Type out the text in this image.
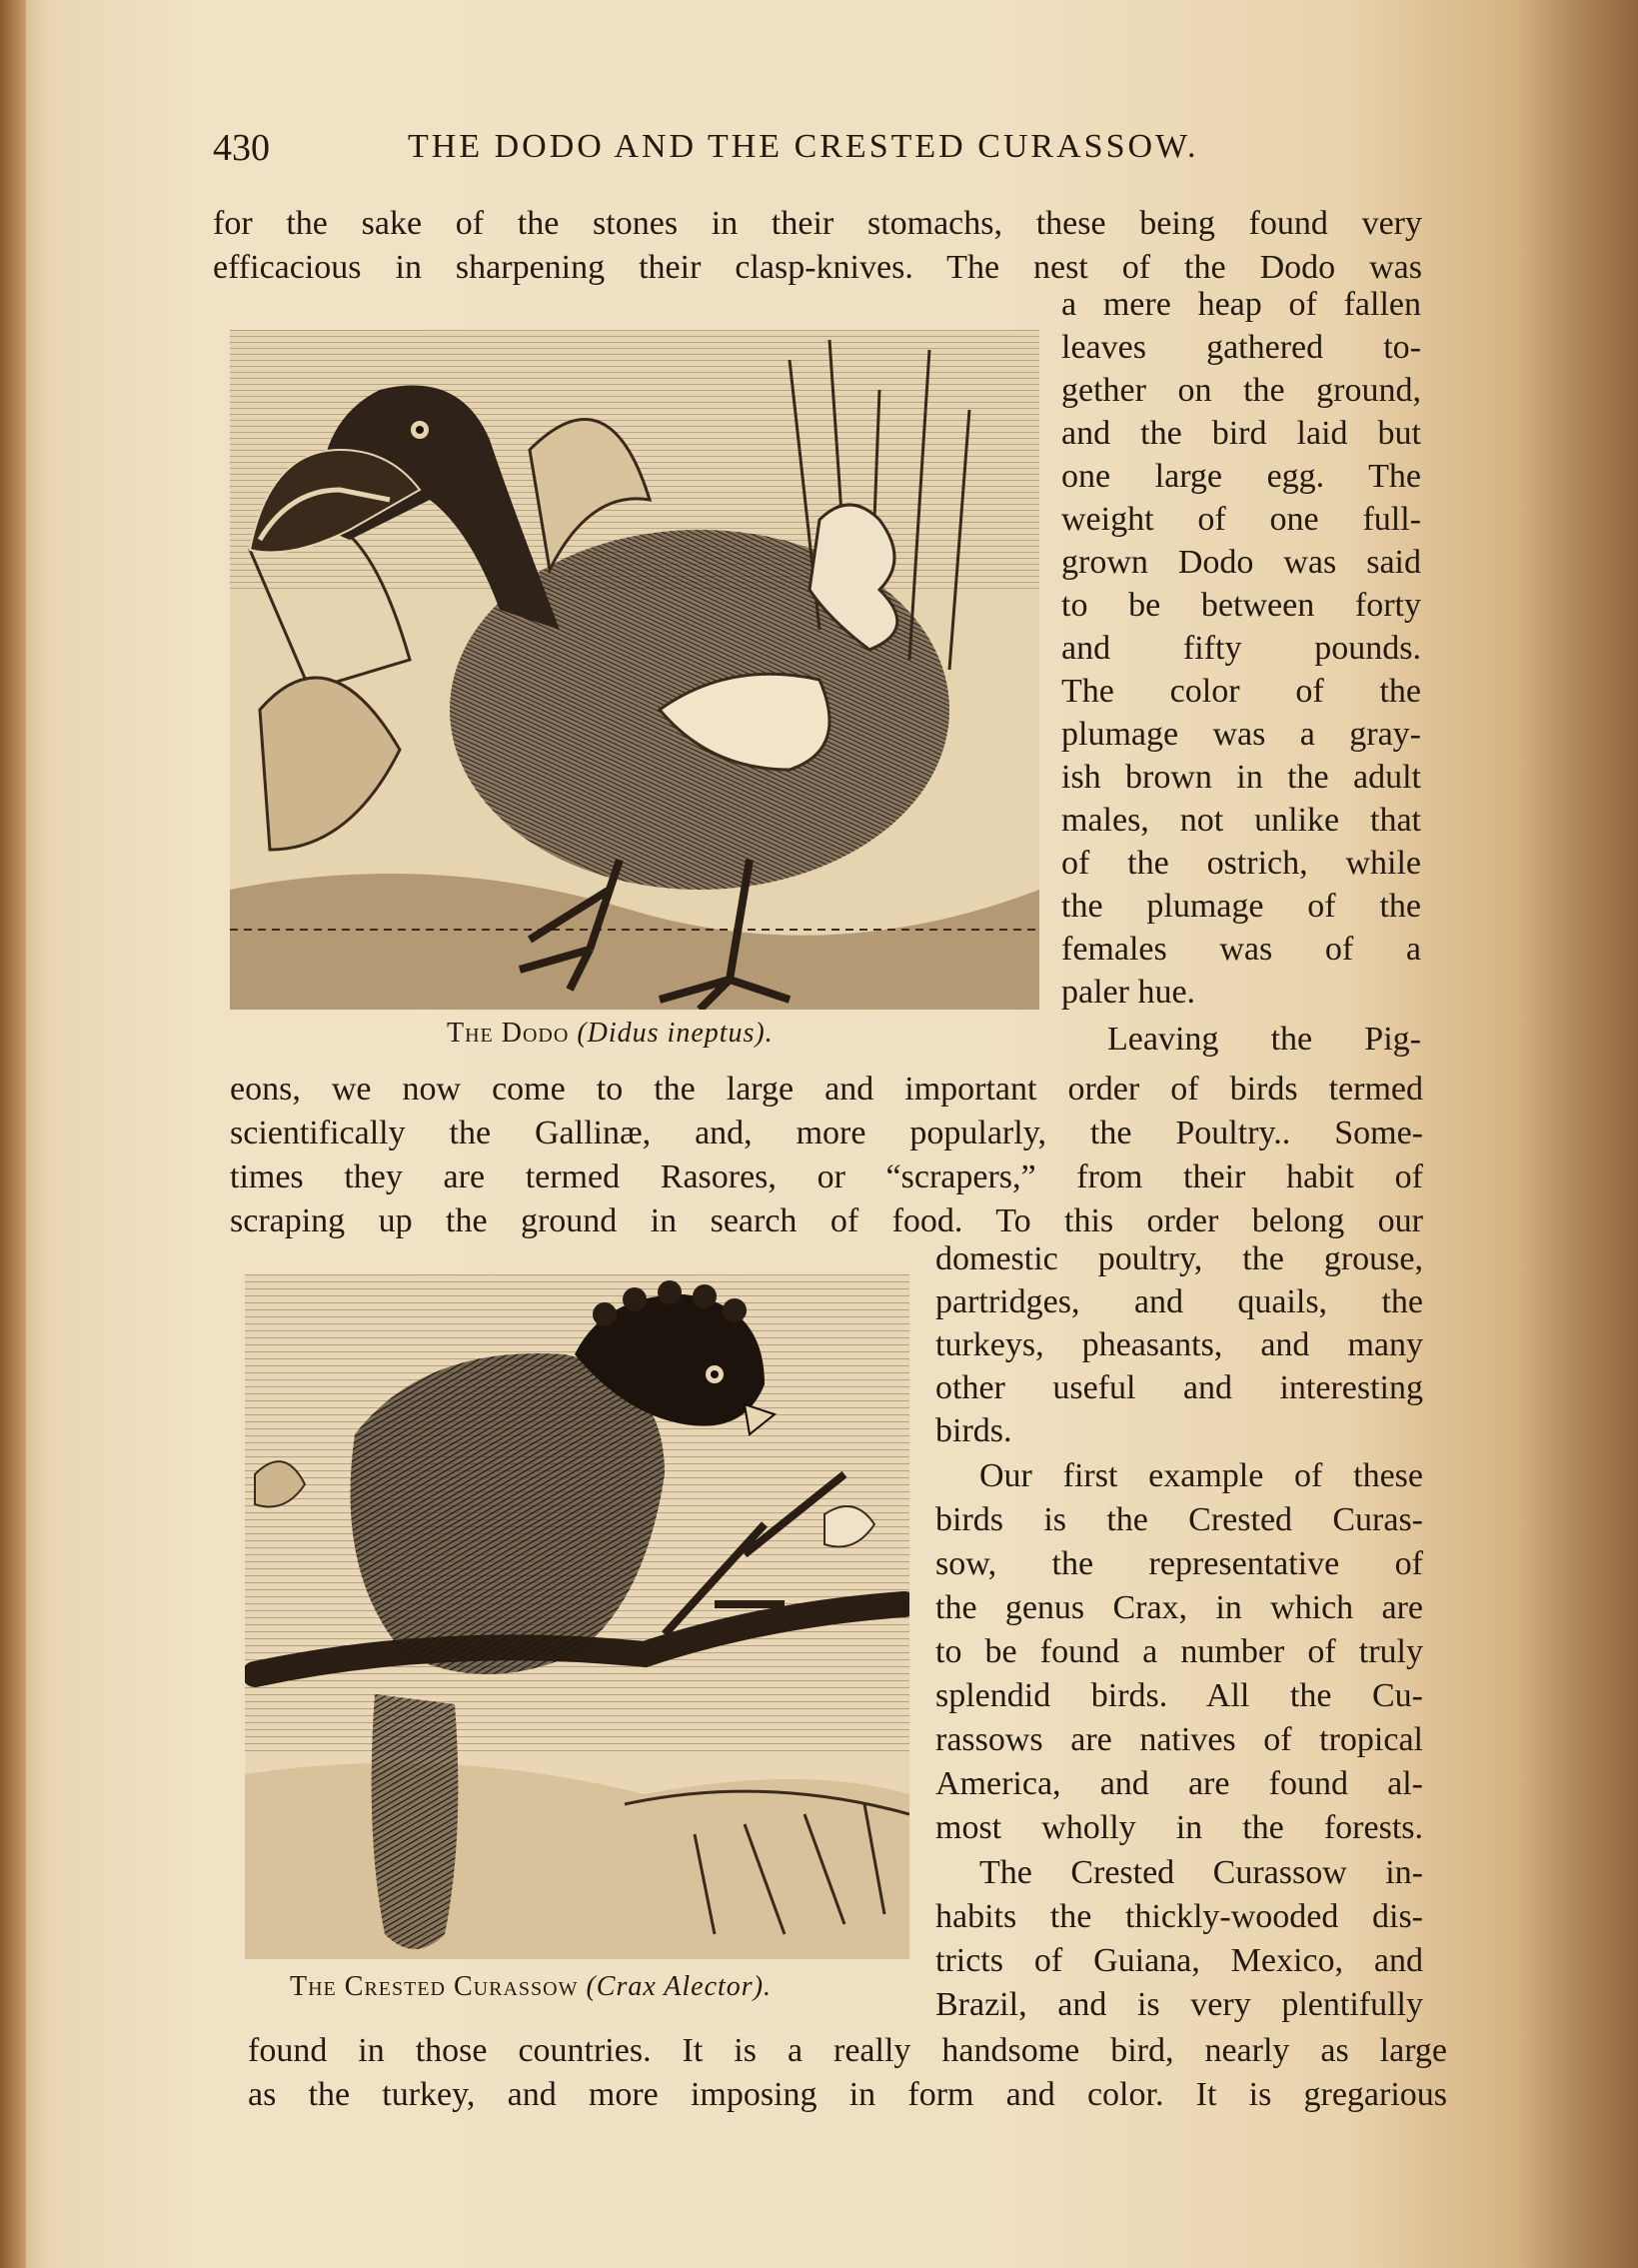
430	THE DODO AND THE CRESTED CURASSOW.
for the sake of the stones in their stomachs, these being found very
efficacious in sharpening their clasp-knives. The nest of the Dodo was
a mere heap of fallen
leaves gathered to-
gether on the ground,
and the bird laid but
one large egg. The
weight of one full-
grown Dodo was said
to be between forty
and fifty pounds.
The color of the
plumage was a gray-
ish brown in the adult
males, not unlike that
of the ostrich, while
the plumage of the
females was of a
paler hue.
Leaving the Pig-
The Dodo (Didus ineptus).
eons, we now come to the large and important order of birds termed
scientifically the Gallinæ, and, more popularly, the Poultry.. Some-
times they are termed Rasores, or “scrapers,” from their habit of
scraping up the ground in search of food. To this order belong our
domestic poultry, the grouse,
partridges, and quails, the
turkeys, pheasants, and many
other useful and interesting
birds.
Our first example of these
birds is the Crested Curas-
sow, the representative of
the genus Crax, in which are
to be found a number of truly
splendid birds. All the Cu-
rassows are natives of tropical
America, and are found al-
most wholly in the forests.
The Crested Curassow in-
habits the thickly-wooded dis-
tricts of Guiana, Mexico, and
Brazil, and is very plentifully
The Crested Curassow (Crax Alector).
found in those countries. It is a really handsome bird, nearly as large
as the turkey, and more imposing in form and color. It is gregarious
